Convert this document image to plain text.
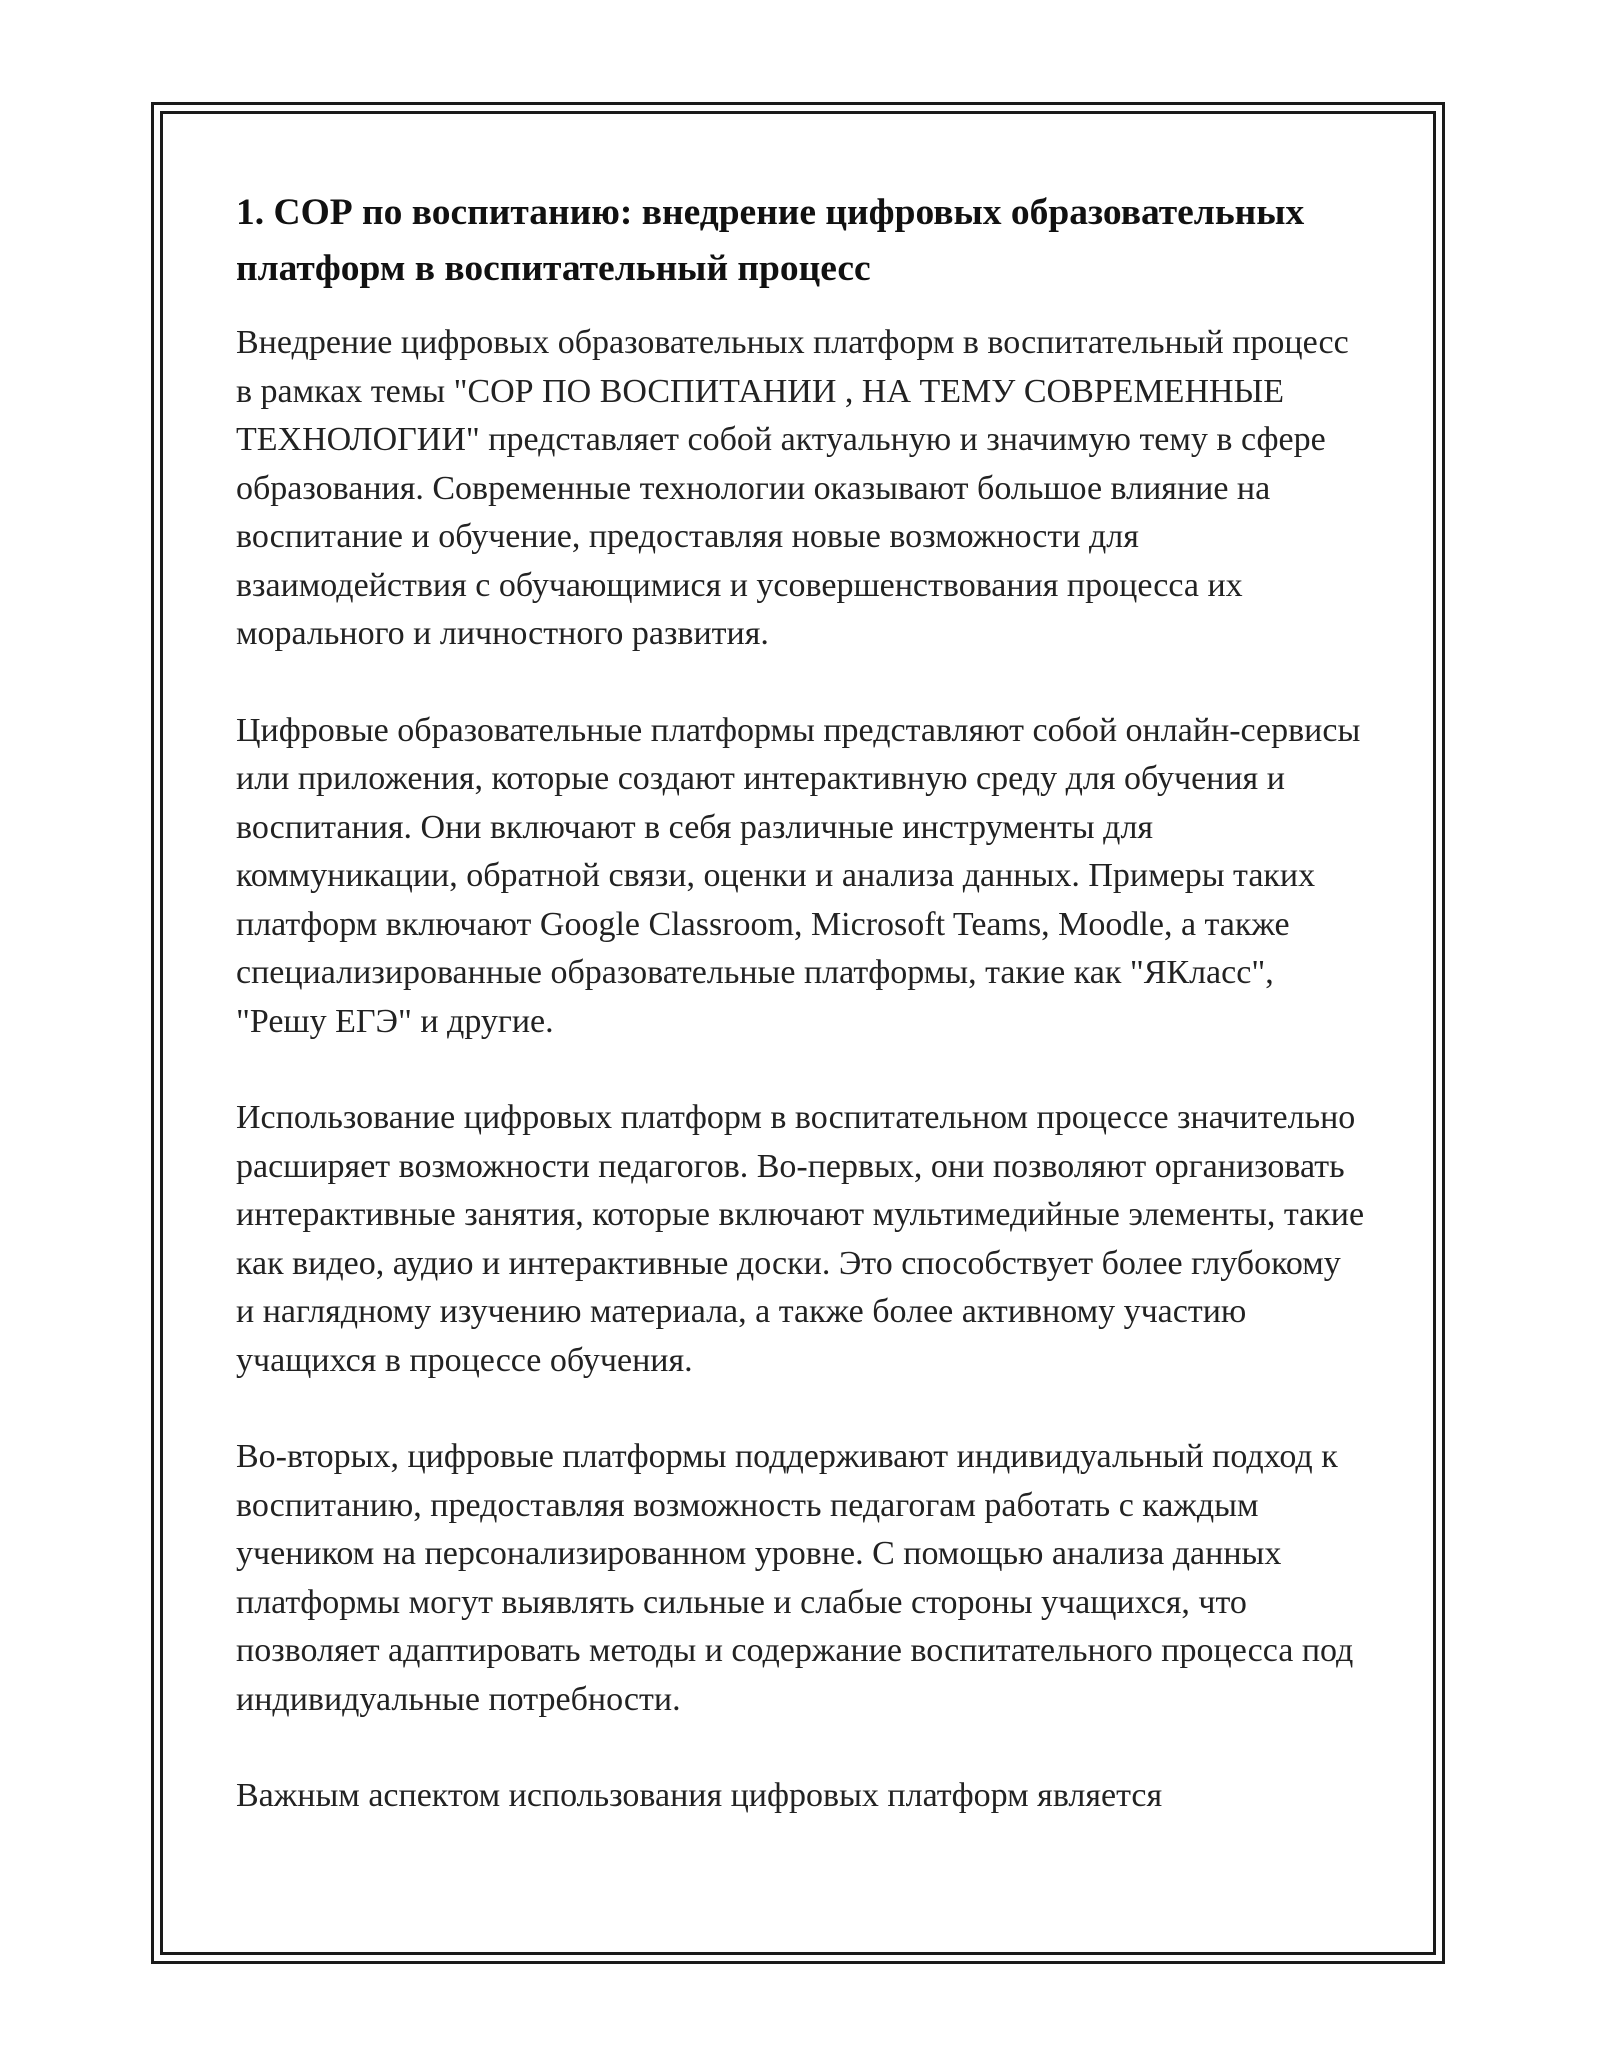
1. СОР по воспитанию: внедрение цифровых образовательных платформ в воспитательный процесс

Внедрение цифровых образовательных платформ в воспитательный процесс в рамках темы "СОР ПО ВОСПИТАНИИ , НА ТЕМУ СОВРЕМЕННЫЕ ТЕХНОЛОГИИ" представляет собой актуальную и значимую тему в сфере образования. Современные технологии оказывают большое влияние на воспитание и обучение, предоставляя новые возможности для взаимодействия с обучающимися и усовершенствования процесса их морального и личностного развития.

Цифровые образовательные платформы представляют собой онлайн-сервисы или приложения, которые создают интерактивную среду для обучения и воспитания. Они включают в себя различные инструменты для коммуникации, обратной связи, оценки и анализа данных. Примеры таких платформ включают Google Classroom, Microsoft Teams, Moodle, а также специализированные образовательные платформы, такие как "ЯКласс", "Решу ЕГЭ" и другие.

Использование цифровых платформ в воспитательном процессе значительно расширяет возможности педагогов. Во-первых, они позволяют организовать интерактивные занятия, которые включают мультимедийные элементы, такие как видео, аудио и интерактивные доски. Это способствует более глубокому и наглядному изучению материала, а также более активному участию учащихся в процессе обучения.

Во-вторых, цифровые платформы поддерживают индивидуальный подход к воспитанию, предоставляя возможность педагогам работать с каждым учеником на персонализированном уровне. С помощью анализа данных платформы могут выявлять сильные и слабые стороны учащихся, что позволяет адаптировать методы и содержание воспитательного процесса под индивидуальные потребности.

Важным аспектом использования цифровых платформ является
